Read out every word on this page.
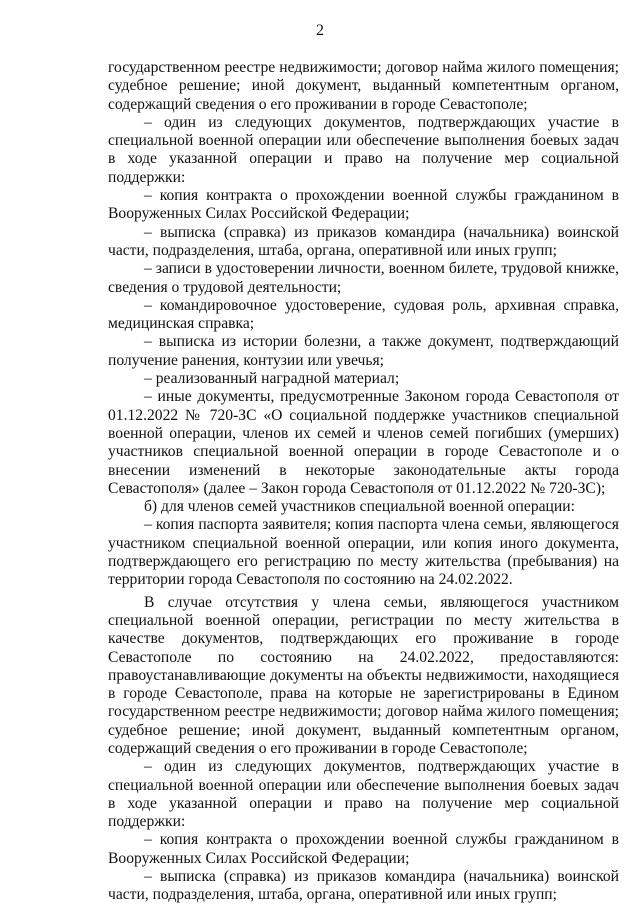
2

государственном реестре недвижимости; договор найма жилого помещения; судебное решение; иной документ, выданный компетентным органом, содержащий сведения о его проживании в городе Севастополе;

– один из следующих документов, подтверждающих участие в специальной военной операции или обеспечение выполнения боевых задач в ходе указанной операции и право на получение мер социальной поддержки:

– копия контракта о прохождении военной службы гражданином в Вооруженных Силах Российской Федерации;

– выписка (справка) из приказов командира (начальника) воинской части, подразделения, штаба, органа, оперативной или иных групп;

– записи в удостоверении личности, военном билете, трудовой книжке, сведения о трудовой деятельности;

– командировочное удостоверение, судовая роль, архивная справка, медицинская справка;

– выписка из истории болезни, а также документ, подтверждающий получение ранения, контузии или увечья;

– реализованный наградной материал;

– иные документы, предусмотренные Законом города Севастополя от 01.12.2022 № 720-ЗС «О социальной поддержке участников специальной военной операции, членов их семей и членов семей погибших (умерших) участников специальной военной операции в городе Севастополе и о внесении изменений в некоторые законодательные акты города Севастополя» (далее – Закон города Севастополя от 01.12.2022 № 720-ЗС);

б) для членов семей участников специальной военной операции:

– копия паспорта заявителя; копия паспорта члена семьи, являющегося участником специальной военной операции, или копия иного документа, подтверждающего его регистрацию по месту жительства (пребывания) на территории города Севастополя по состоянию на 24.02.2022.

В случае отсутствия у члена семьи, являющегося участником специальной военной операции, регистрации по месту жительства в качестве документов, подтверждающих его проживание в городе Севастополе по состоянию на 24.02.2022, предоставляются: правоустанавливающие документы на объекты недвижимости, находящиеся в городе Севастополе, права на которые не зарегистрированы в Едином государственном реестре недвижимости; договор найма жилого помещения; судебное решение; иной документ, выданный компетентным органом, содержащий сведения о его проживании в городе Севастополе;

– один из следующих документов, подтверждающих участие в специальной военной операции или обеспечение выполнения боевых задач в ходе указанной операции и право на получение мер социальной поддержки:

– копия контракта о прохождении военной службы гражданином в Вооруженных Силах Российской Федерации;

– выписка (справка) из приказов командира (начальника) воинской части, подразделения, штаба, органа, оперативной или иных групп;
